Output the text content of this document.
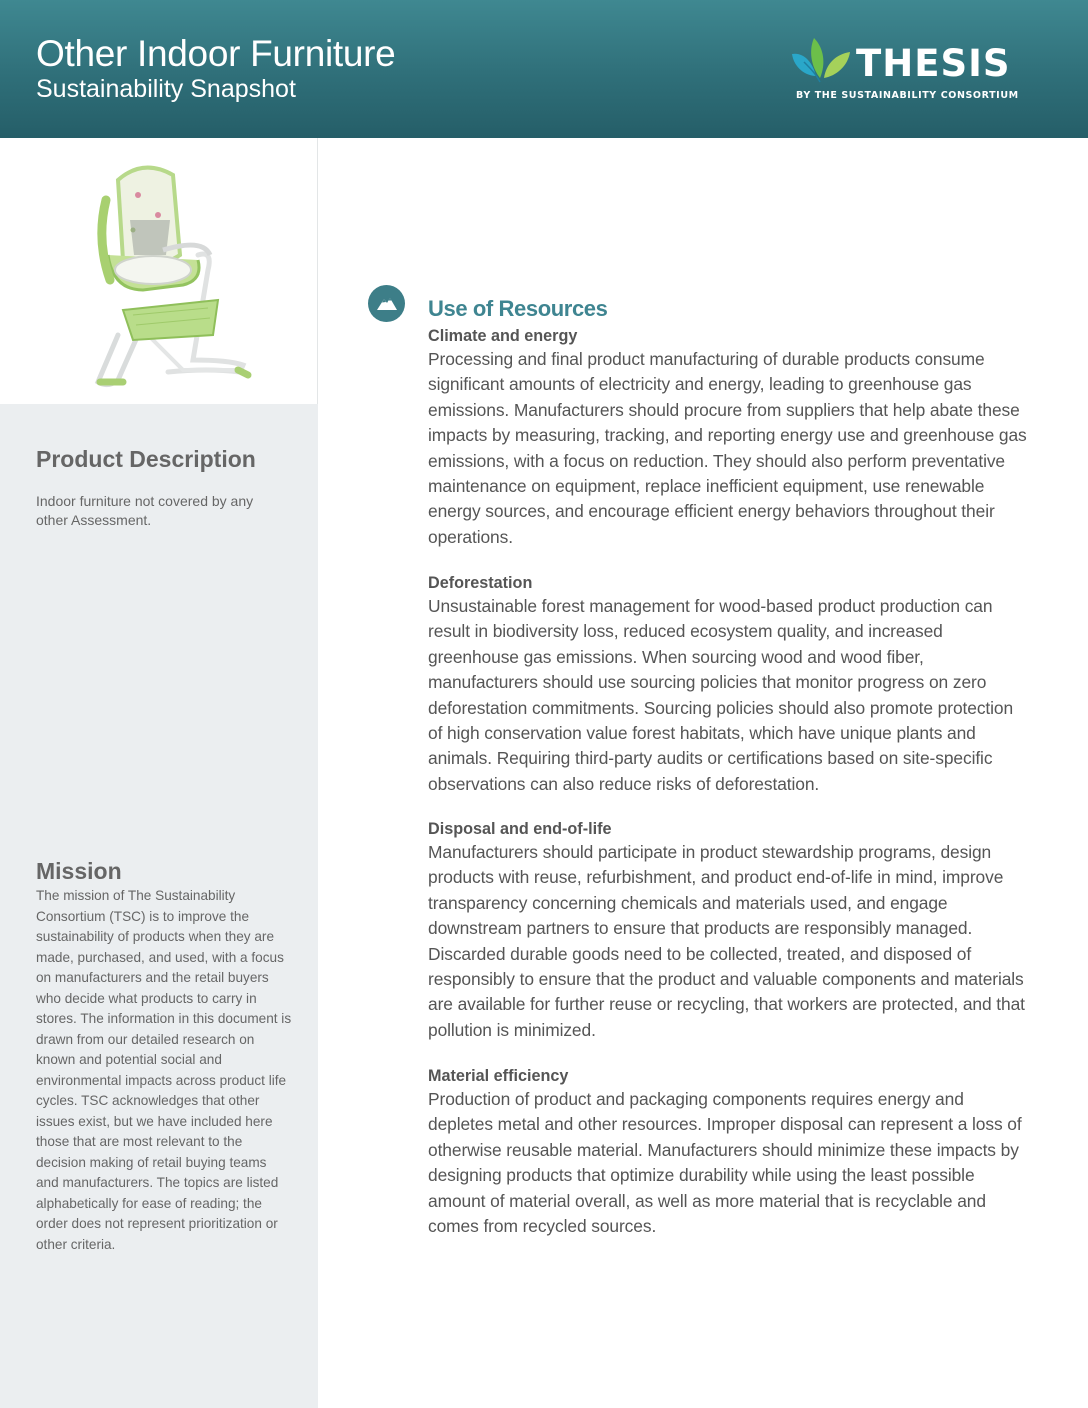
Other Indoor Furniture
Sustainability Snapshot
THESIS
BY THE SUSTAINABILITY CONSORTIUM
Product Description
Indoor furniture not covered by any other Assessment.
Mission
The mission of The Sustainability Consortium (TSC) is to improve the sustainability of products when they are made, purchased, and used, with a focus on manufacturers and the retail buyers who decide what products to carry in stores. The information in this document is drawn from our detailed research on known and potential social and environmental impacts across product life cycles. TSC acknowledges that other issues exist, but we have included here those that are most relevant to the decision making of retail buying teams and manufacturers. The topics are listed alphabetically for ease of reading; the order does not represent prioritization or other criteria.
Use of Resources
Climate and energy
Processing and final product manufacturing of durable products consume significant amounts of electricity and energy, leading to greenhouse gas emissions. Manufacturers should procure from suppliers that help abate these impacts by measuring, tracking, and reporting energy use and greenhouse gas emissions, with a focus on reduction. They should also perform preventative maintenance on equipment, replace inefficient equipment, use renewable energy sources, and encourage efficient energy behaviors throughout their operations.
Deforestation
Unsustainable forest management for wood-based product production can result in biodiversity loss, reduced ecosystem quality, and increased greenhouse gas emissions. When sourcing wood and wood fiber, manufacturers should use sourcing policies that monitor progress on zero deforestation commitments. Sourcing policies should also promote protection of high conservation value forest habitats, which have unique plants and animals. Requiring third-party audits or certifications based on site-specific observations can also reduce risks of deforestation.
Disposal and end-of-life
Manufacturers should participate in product stewardship programs, design products with reuse, refurbishment, and product end-of-life in mind, improve transparency concerning chemicals and materials used, and engage downstream partners to ensure that products are responsibly managed. Discarded durable goods need to be collected, treated, and disposed of responsibly to ensure that the product and valuable components and materials are available for further reuse or recycling, that workers are protected, and that pollution is minimized.
Material efficiency
Production of product and packaging components requires energy and depletes metal and other resources. Improper disposal can represent a loss of otherwise reusable material. Manufacturers should minimize these impacts by designing products that optimize durability while using the least possible amount of material overall, as well as more material that is recyclable and comes from recycled sources.
